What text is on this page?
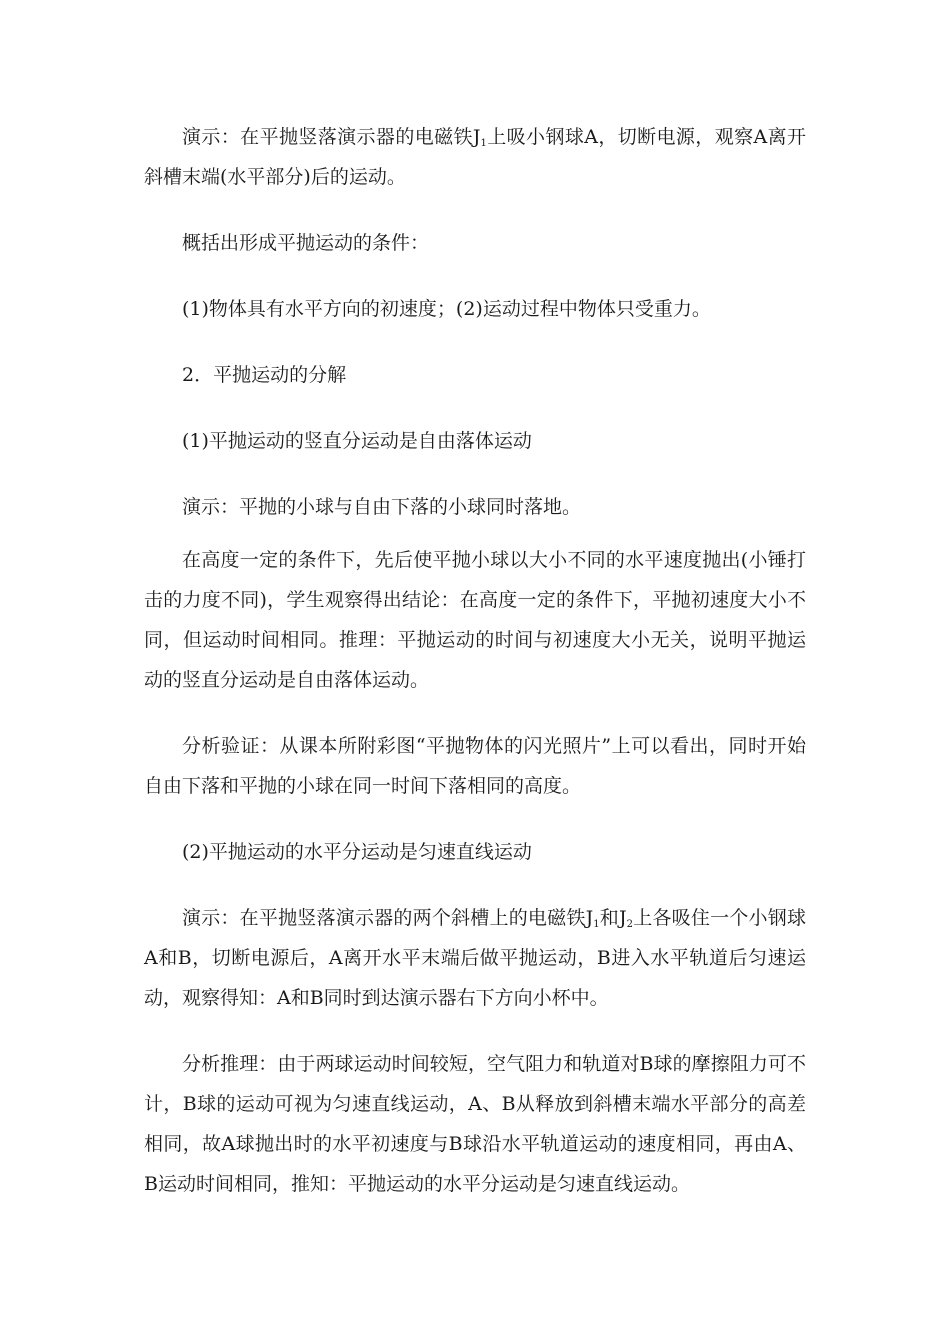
演示：在平抛竖落演示器的电磁铁$J_1$上吸小钢球A，切断电源，观察A离开斜槽末端(水平部分)后的运动。

概括出形成平抛运动的条件：

(1)物体具有水平方向的初速度；(2)运动过程中物体只受重力。

2．平抛运动的分解

(1)平抛运动的竖直分运动是自由落体运动

演示：平抛的小球与自由下落的小球同时落地。

在高度一定的条件下，先后使平抛小球以大小不同的水平速度抛出(小锤打击的力度不同)，学生观察得出结论：在高度一定的条件下，平抛初速度大小不同，但运动时间相同。推理：平抛运动的时间与初速度大小无关，说明平抛运动的竖直分运动是自由落体运动。

分析验证：从课本所附彩图“平抛物体的闪光照片”上可以看出，同时开始自由下落和平抛的小球在同一时间下落相同的高度。

(2)平抛运动的水平分运动是匀速直线运动

演示：在平抛竖落演示器的两个斜槽上的电磁铁$J_1$和$J_2$上各吸住一个小钢球A和B，切断电源后，A离开水平末端后做平抛运动，B进入水平轨道后匀速运动，观察得知：A和B同时到达演示器右下方向小杯中。

分析推理：由于两球运动时间较短，空气阻力和轨道对B球的摩擦阻力可不计，B球的运动可视为匀速直线运动，A、B从释放到斜槽末端水平部分的高差相同，故A球抛出时的水平初速度与B球沿水平轨道运动的速度相同，再由A、B运动时间相同，推知：平抛运动的水平分运动是匀速直线运动。
